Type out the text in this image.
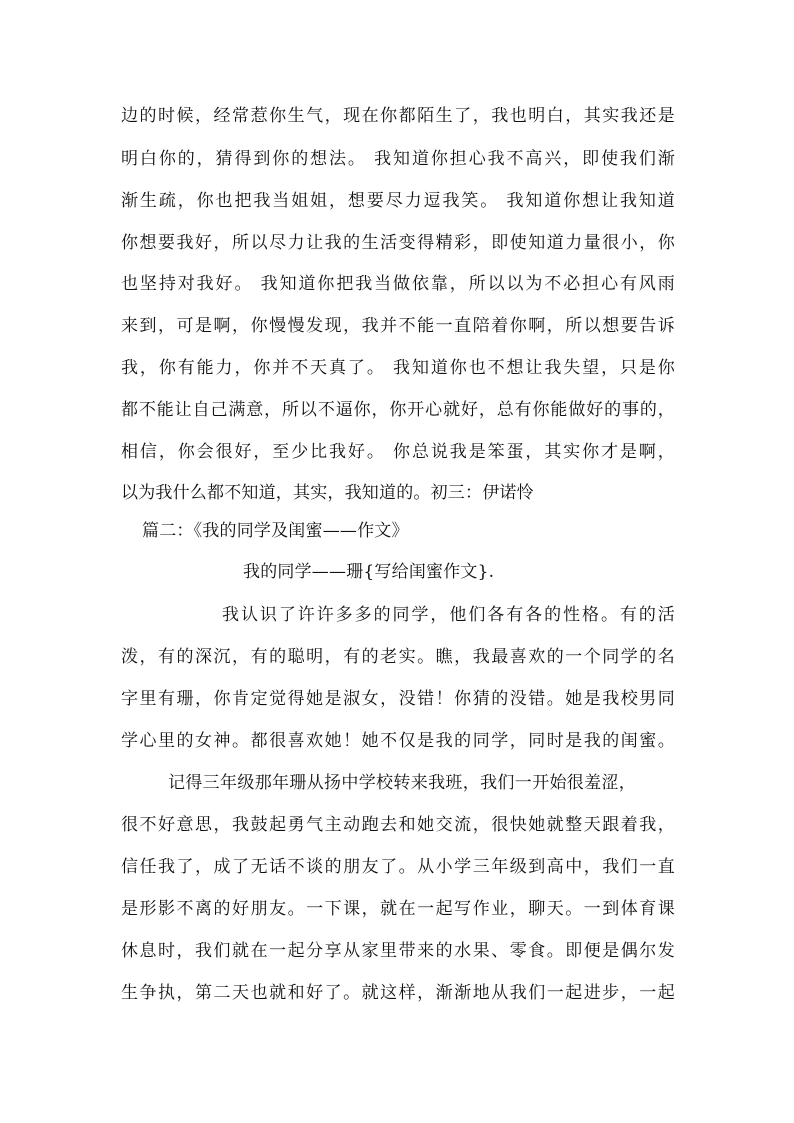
边的时候，经常惹你生气，现在你都陌生了，我也明白，其实我还是
明白你的，猜得到你的想法。 我知道你担心我不高兴，即使我们渐
渐生疏，你也把我当姐姐，想要尽力逗我笑。 我知道你想让我知道
你想要我好，所以尽力让我的生活变得精彩，即使知道力量很小，你
也坚持对我好。 我知道你把我当做依靠，所以以为不必担心有风雨
来到，可是啊，你慢慢发现，我并不能一直陪着你啊，所以想要告诉
我，你有能力，你并不天真了。 我知道你也不想让我失望，只是你
都不能让自己满意，所以不逼你，你开心就好，总有你能做好的事的，
相信，你会很好，至少比我好。 你总说我是笨蛋，其实你才是啊，
以为我什么都不知道，其实，我知道的。初三：伊诺怜
篇二：《我的同学及闺蜜——作文》
我的同学——珊{写给闺蜜作文}.
我认识了许许多多的同学，他们各有各的性格。有的活
泼，有的深沉，有的聪明，有的老实。瞧，我最喜欢的一个同学的名
字里有珊，你肯定觉得她是淑女，没错！你猜的没错。她是我校男同
学心里的女神。都很喜欢她！她不仅是我的同学，同时是我的闺蜜。
记得三年级那年珊从扬中学校转来我班，我们一开始很羞涩，
很不好意思，我鼓起勇气主动跑去和她交流，很快她就整天跟着我，
信任我了，成了无话不谈的朋友了。从小学三年级到高中，我们一直
是形影不离的好朋友。一下课，就在一起写作业，聊天。一到体育课
休息时，我们就在一起分享从家里带来的水果、零食。即便是偶尔发
生争执，第二天也就和好了。就这样，渐渐地从我们一起进步，一起
